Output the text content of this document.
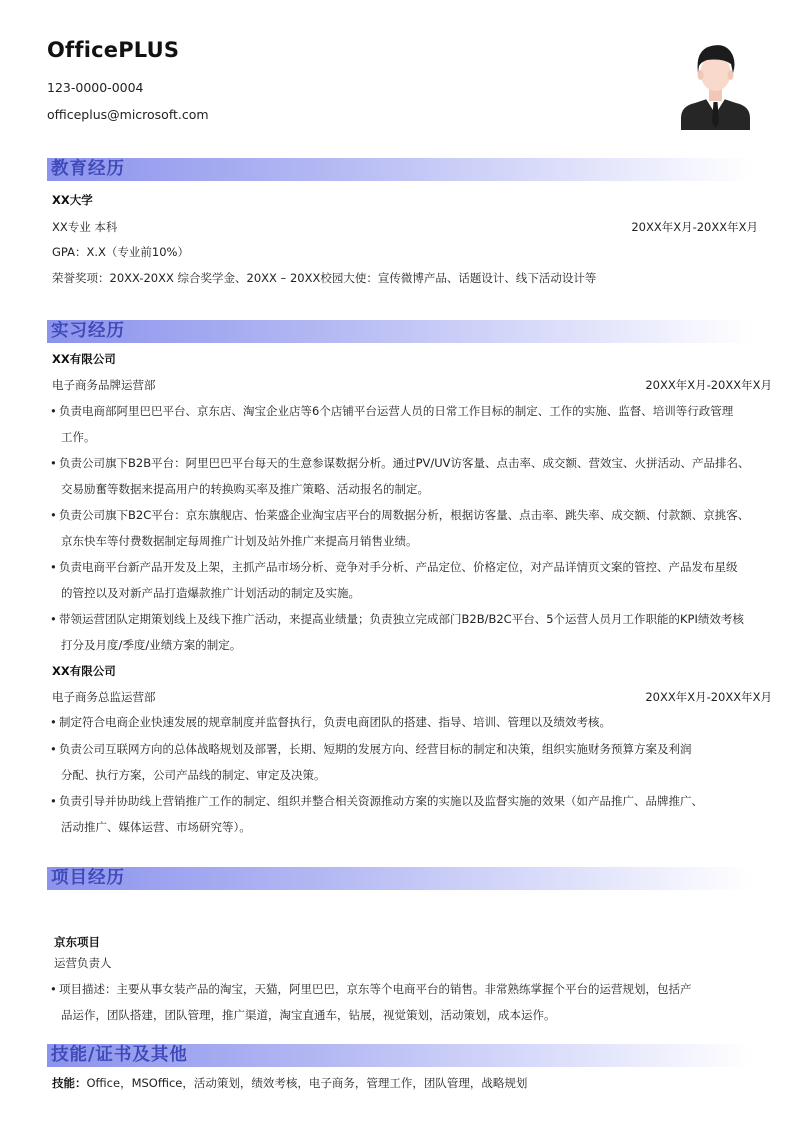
OfficePLUS
123-0000-0004
officeplus@microsoft.com
教育经历
XX大学
XX专业 本科	20XX年X月-20XX年X月
GPA：X.X（专业前10%）
荣誉奖项：20XX-20XX 综合奖学金、20XX – 20XX校园大使：宣传微博产品、话题设计、线下活动设计等
实习经历
XX有限公司
电子商务品牌运营部	20XX年X月-20XX年X月
• 负责电商部阿里巴巴平台、京东店、淘宝企业店等6个店铺平台运营人员的日常工作目标的制定、工作的实施、监督、培训等行政管理
工作。
• 负责公司旗下B2B平台：阿里巴巴平台每天的生意参谋数据分析。通过PV/UV访客量、点击率、成交额、营效宝、火拼活动、产品排名、
交易励奮等数据来提高用户的转换购买率及推广策略、活动报名的制定。
• 负责公司旗下B2C平台：京东旗舰店、怡莱盛企业淘宝店平台的周数据分析，根据访客量、点击率、跳失率、成交额、付款额、京挑客、
京东快车等付费数据制定每周推广计划及站外推广来提高月销售业绩。
• 负责电商平台新产品开发及上架，主抓产品市场分析、竞争对手分析、产品定位、价格定位，对产品详情页文案的管控、产品发布星级
的管控以及对新产品打造爆款推广计划活动的制定及实施。
• 带领运营团队定期策划线上及线下推广活动，来提高业绩量；负责独立完成部门B2B/B2C平台、5个运营人员月工作职能的KPI绩效考核
打分及月度/季度/业绩方案的制定。
XX有限公司
电子商务总监运营部	20XX年X月-20XX年X月
• 制定符合电商企业快速发展的规章制度并监督执行，负责电商团队的搭建、指导、培训、管理以及绩效考核。
• 负责公司互联网方向的总体战略规划及部署，长期、短期的发展方向、经营目标的制定和决策，组织实施财务预算方案及利润
分配、执行方案，公司产品线的制定、审定及决策。
• 负责引导并协助线上营销推广工作的制定、组织并整合相关资源推动方案的实施以及监督实施的效果（如产品推广、品牌推广、
活动推广、媒体运营、市场研究等）。
项目经历
京东项目
运营负责人
• 项目描述：主要从事女装产品的淘宝，天猫，阿里巴巴，京东等个电商平台的销售。非常熟练掌握个平台的运营规划，包括产
品运作，团队搭建，团队管理，推广渠道，淘宝直通车，钻展，视觉策划，活动策划，成本运作。
技能/证书及其他
技能：Office，MSOffice，活动策划，绩效考核，电子商务，管理工作，团队管理，战略规划
